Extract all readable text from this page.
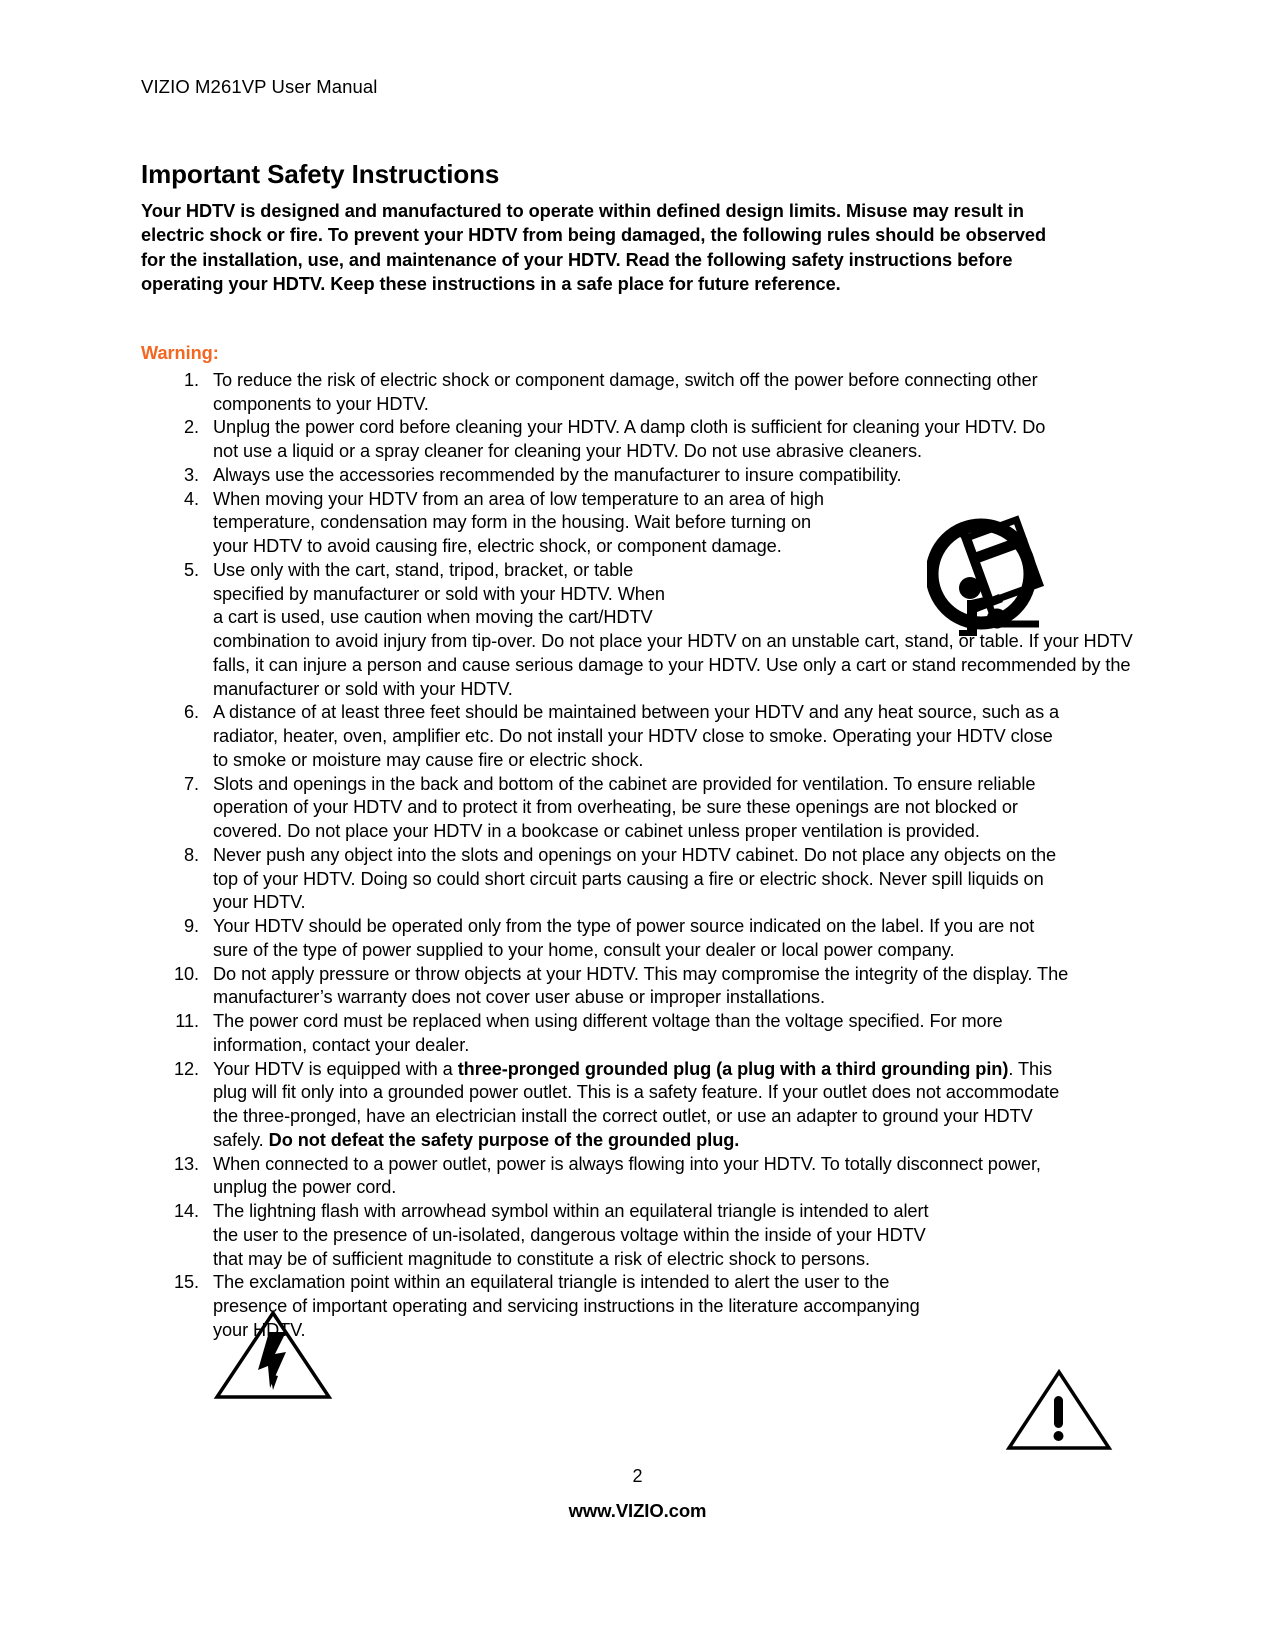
VIZIO M261VP User Manual
Important Safety Instructions

Your HDTV is designed and manufactured to operate within defined design limits. Misuse may result in electric shock or fire. To prevent your HDTV from being damaged, the following rules should be observed for the installation, use, and maintenance of your HDTV. Read the following safety instructions before operating your HDTV. Keep these instructions in a safe place for future reference.

Warning:
1. To reduce the risk of electric shock or component damage, switch off the power before connecting other components to your HDTV.
2. Unplug the power cord before cleaning your HDTV. A damp cloth is sufficient for cleaning your HDTV. Do not use a liquid or a spray cleaner for cleaning your HDTV. Do not use abrasive cleaners.
3. Always use the accessories recommended by the manufacturer to insure compatibility.
4. When moving your HDTV from an area of low temperature to an area of high temperature, condensation may form in the housing. Wait before turning on your HDTV to avoid causing fire, electric shock, or component damage.
5. Use only with the cart, stand, tripod, bracket, or table specified by manufacturer or sold with your HDTV. When a cart is used, use caution when moving the cart/HDTV combination to avoid injury from tip-over. Do not place your HDTV on an unstable cart, stand, or table. If your HDTV falls, it can injure a person and cause serious damage to your HDTV. Use only a cart or stand recommended by the manufacturer or sold with your HDTV.
6. A distance of at least three feet should be maintained between your HDTV and any heat source, such as a radiator, heater, oven, amplifier etc. Do not install your HDTV close to smoke. Operating your HDTV close to smoke or moisture may cause fire or electric shock.
7. Slots and openings in the back and bottom of the cabinet are provided for ventilation. To ensure reliable operation of your HDTV and to protect it from overheating, be sure these openings are not blocked or covered. Do not place your HDTV in a bookcase or cabinet unless proper ventilation is provided.
8. Never push any object into the slots and openings on your HDTV cabinet. Do not place any objects on the top of your HDTV. Doing so could short circuit parts causing a fire or electric shock. Never spill liquids on your HDTV.
9. Your HDTV should be operated only from the type of power source indicated on the label. If you are not sure of the type of power supplied to your home, consult your dealer or local power company.
10. Do not apply pressure or throw objects at your HDTV. This may compromise the integrity of the display. The manufacturer’s warranty does not cover user abuse or improper installations.
11. The power cord must be replaced when using different voltage than the voltage specified. For more information, contact your dealer.
12. Your HDTV is equipped with a three-pronged grounded plug (a plug with a third grounding pin). This plug will fit only into a grounded power outlet. This is a safety feature. If your outlet does not accommodate the three-pronged, have an electrician install the correct outlet, or use an adapter to ground your HDTV safely. Do not defeat the safety purpose of the grounded plug.
13. When connected to a power outlet, power is always flowing into your HDTV. To totally disconnect power, unplug the power cord.
14. The lightning flash with arrowhead symbol within an equilateral triangle is intended to alert the user to the presence of un-isolated, dangerous voltage within the inside of your HDTV that may be of sufficient magnitude to constitute a risk of electric shock to persons.
15. The exclamation point within an equilateral triangle is intended to alert the user to the presence of important operating and servicing instructions in the literature accompanying your HDTV.
2
www.VIZIO.com
